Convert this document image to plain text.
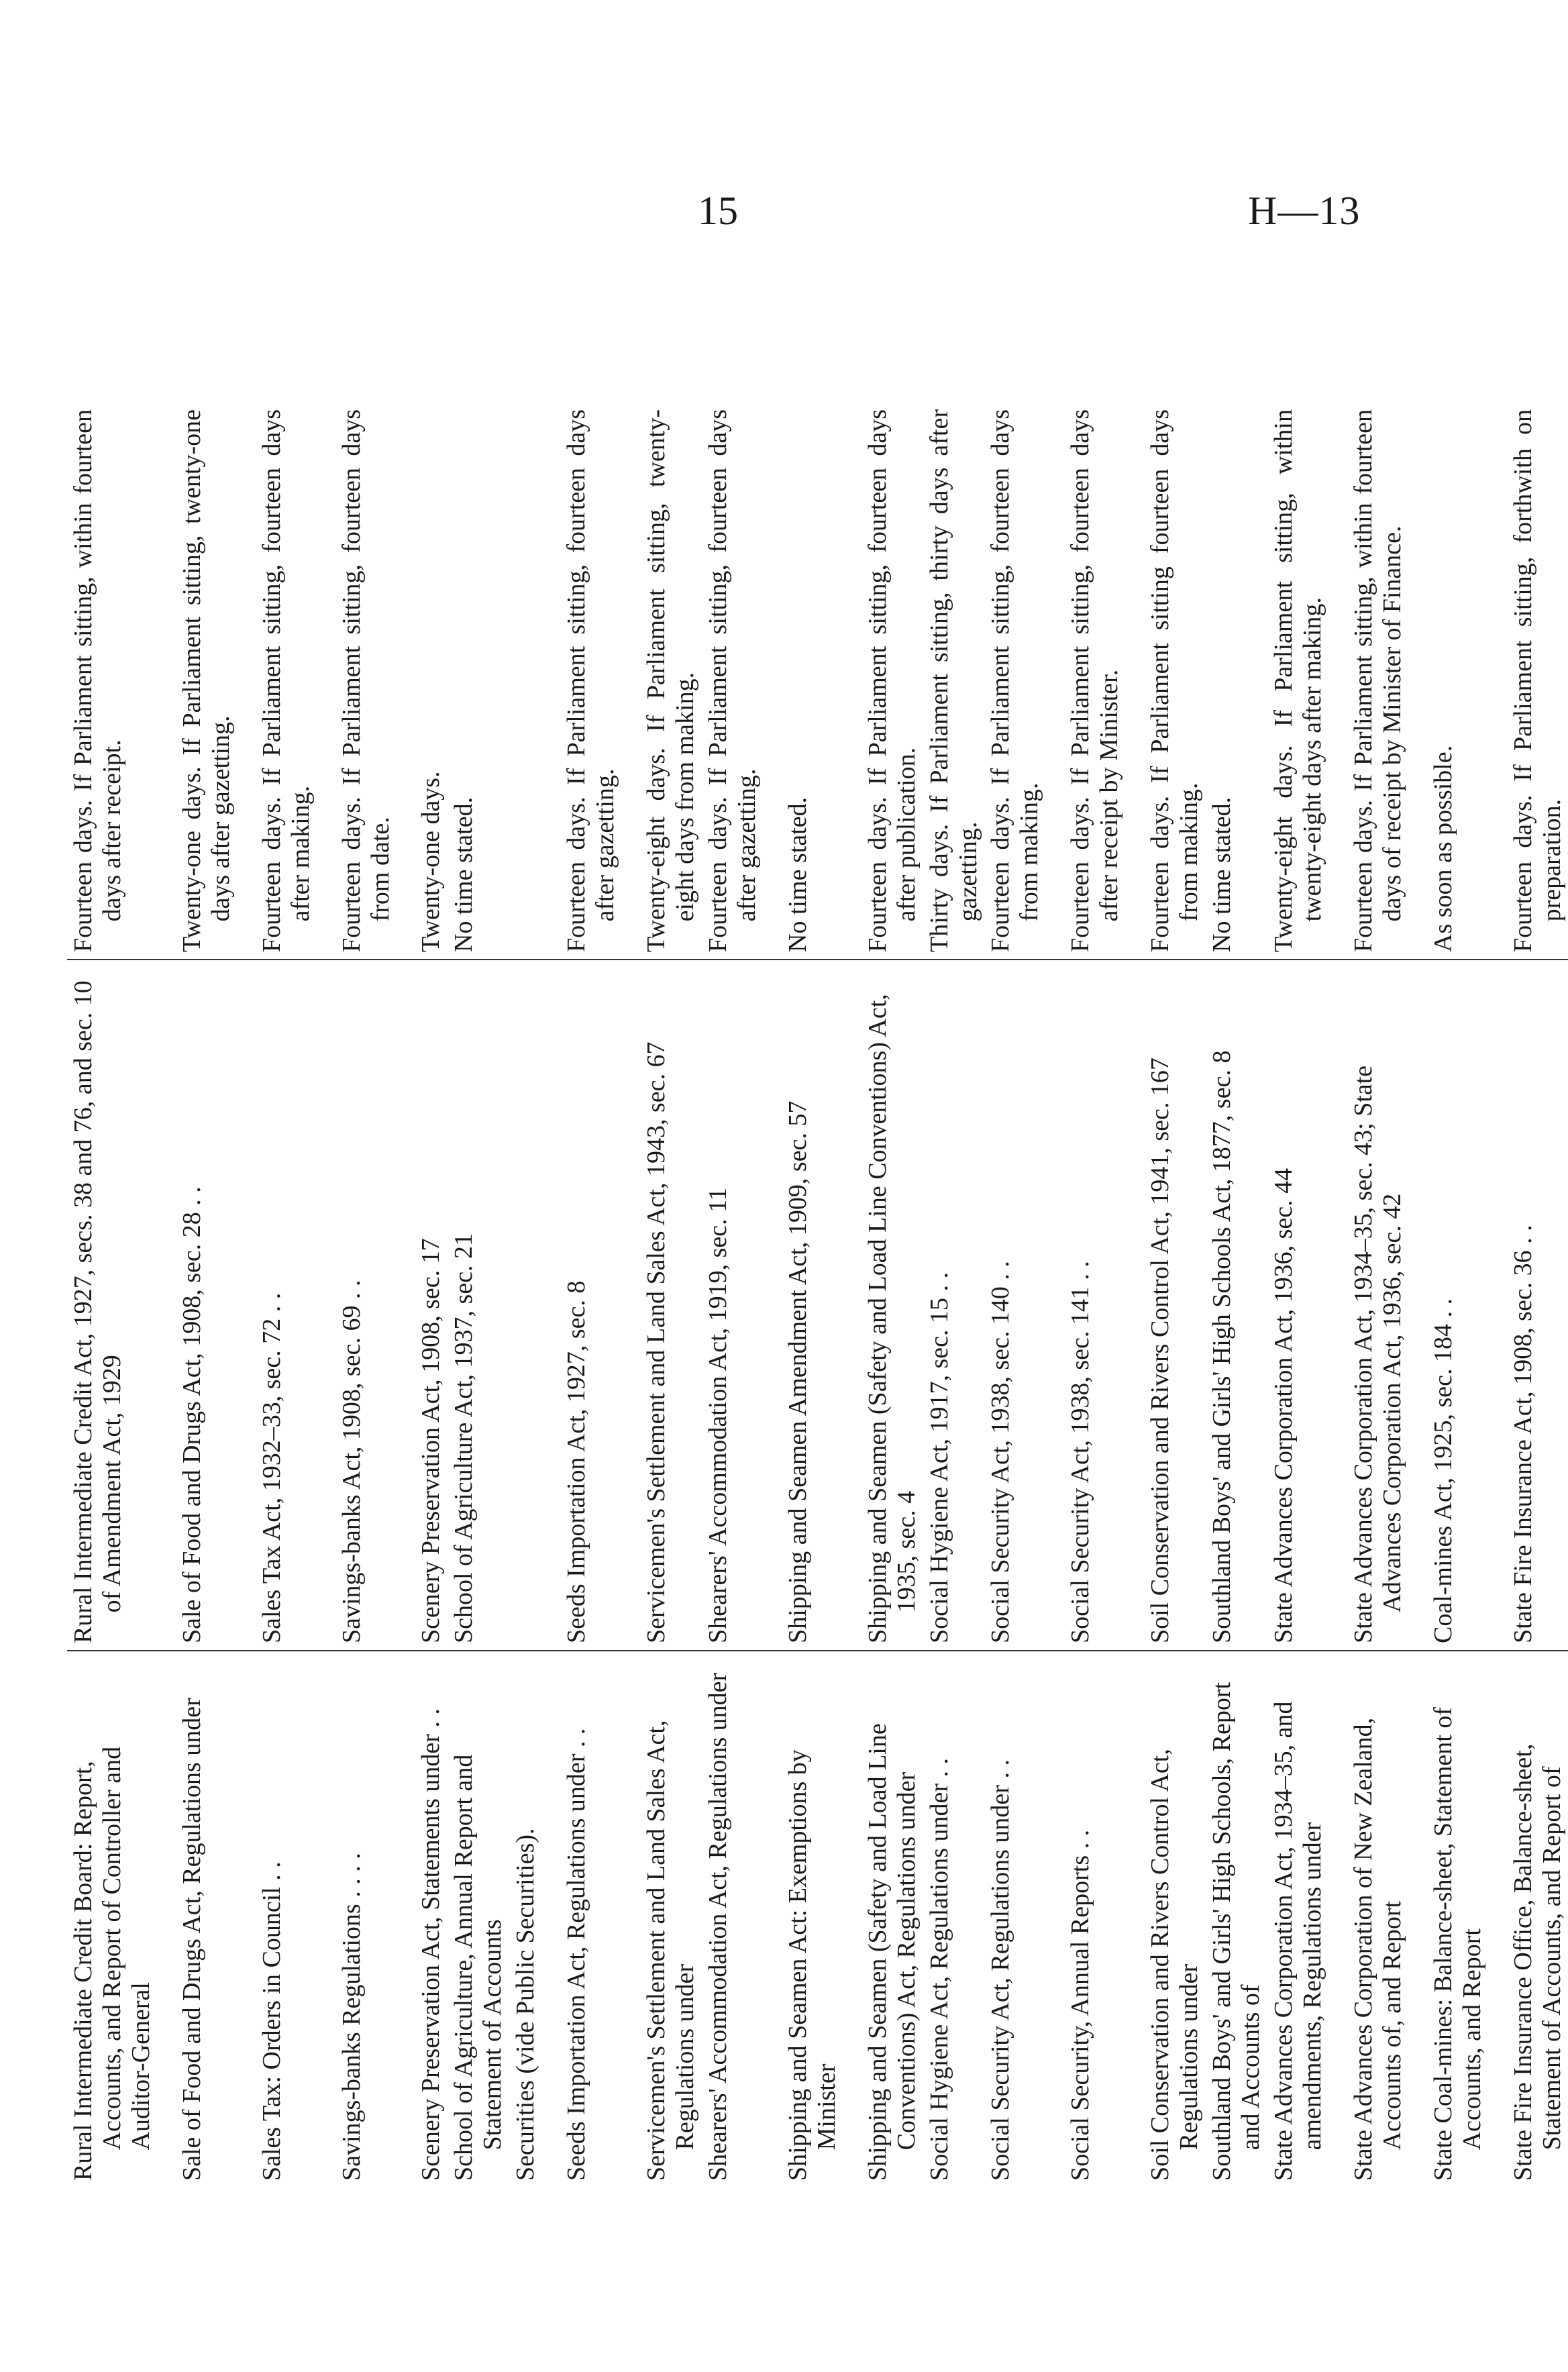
15	H—13
Rural Intermediate Credit Board: Report, Accounts, and Report of Controller and Auditor-General	Rural Intermediate Credit Act, 1927, secs. 38 and 76, and sec. 10 of Amendment Act, 1929	Fourteen days. If Parliament sitting, within fourteen days after receipt.

Sale of Food and Drugs Act, Regulations under	Sale of Food and Drugs Act, 1908, sec. 28 . .	Twenty-one days. If Parliament sitting, twenty-one days after gazetting.

Sales Tax: Orders in Council . .	Sales Tax Act, 1932–33, sec. 72 . .	Fourteen days. If Parliament sitting, fourteen days after making.

Savings-banks Regulations . . . .	Savings-banks Act, 1908, sec. 69 . .	Fourteen days. If Parliament sitting, fourteen days from date.

Scenery Preservation Act, Statements under . .	Scenery Preservation Act, 1908, sec. 17	Twenty-one days.

School of Agriculture, Annual Report and Statement of Accounts	School of Agriculture Act, 1937, sec. 21	No time stated.

Securities (vide Public Securities).		

Seeds Importation Act, Regulations under . .	Seeds Importation Act, 1927, sec. 8	Fourteen days. If Parliament sitting, fourteen days after gazetting.

Servicemen's Settlement and Land Sales Act, Regulations under	Servicemen's Settlement and Land Sales Act, 1943, sec. 67	Twenty-eight days. If Parliament sitting, twenty-eight days from making.

Shearers' Accommodation Act, Regulations under	Shearers' Accommodation Act, 1919, sec. 11	Fourteen days. If Parliament sitting, fourteen days after gazetting.

Shipping and Seamen Act: Exemptions by Minister	Shipping and Seamen Amendment Act, 1909, sec. 57	No time stated.

Shipping and Seamen (Safety and Load Line Conventions) Act, Regulations under	Shipping and Seamen (Safety and Load Line Conventions) Act, 1935, sec. 4	Fourteen days. If Parliament sitting, fourteen days after publication.

Social Hygiene Act, Regulations under . .	Social Hygiene Act, 1917, sec. 15 . .	Thirty days. If Parliament sitting, thirty days after gazetting.

Social Security Act, Regulations under . .	Social Security Act, 1938, sec. 140 . .	Fourteen days. If Parliament sitting, fourteen days from making.

Social Security, Annual Reports . .	Social Security Act, 1938, sec. 141 . .	Fourteen days. If Parliament sitting, fourteen days after receipt by Minister.

Soil Conservation and Rivers Control Act, Regulations under	Soil Conservation and Rivers Control Act, 1941, sec. 167	Fourteen days. If Parliament sitting fourteen days from making.

Southland Boys' and Girls' High Schools, Report and Accounts of	Southland Boys' and Girls' High Schools Act, 1877, sec. 8	No time stated.

State Advances Corporation Act, 1934–35, and amendments, Regulations under	State Advances Corporation Act, 1936, sec. 44	Twenty-eight days. If Parliament sitting, within twenty-eight days after making.

State Advances Corporation of New Zealand, Accounts of, and Report	State Advances Corporation Act, 1934–35, sec. 43; State Advances Corporation Act, 1936, sec. 42	Fourteen days. If Parliament sitting, within fourteen days of receipt by Minister of Finance.

State Coal-mines: Balance-sheet, Statement of Accounts, and Report	Coal-mines Act, 1925, sec. 184 . .	As soon as possible.

State Fire Insurance Office, Balance-sheet, Statement of Accounts, and Report of	State Fire Insurance Act, 1908, sec. 36 . .	Fourteen days. If Parliament sitting, forthwith on preparation.
